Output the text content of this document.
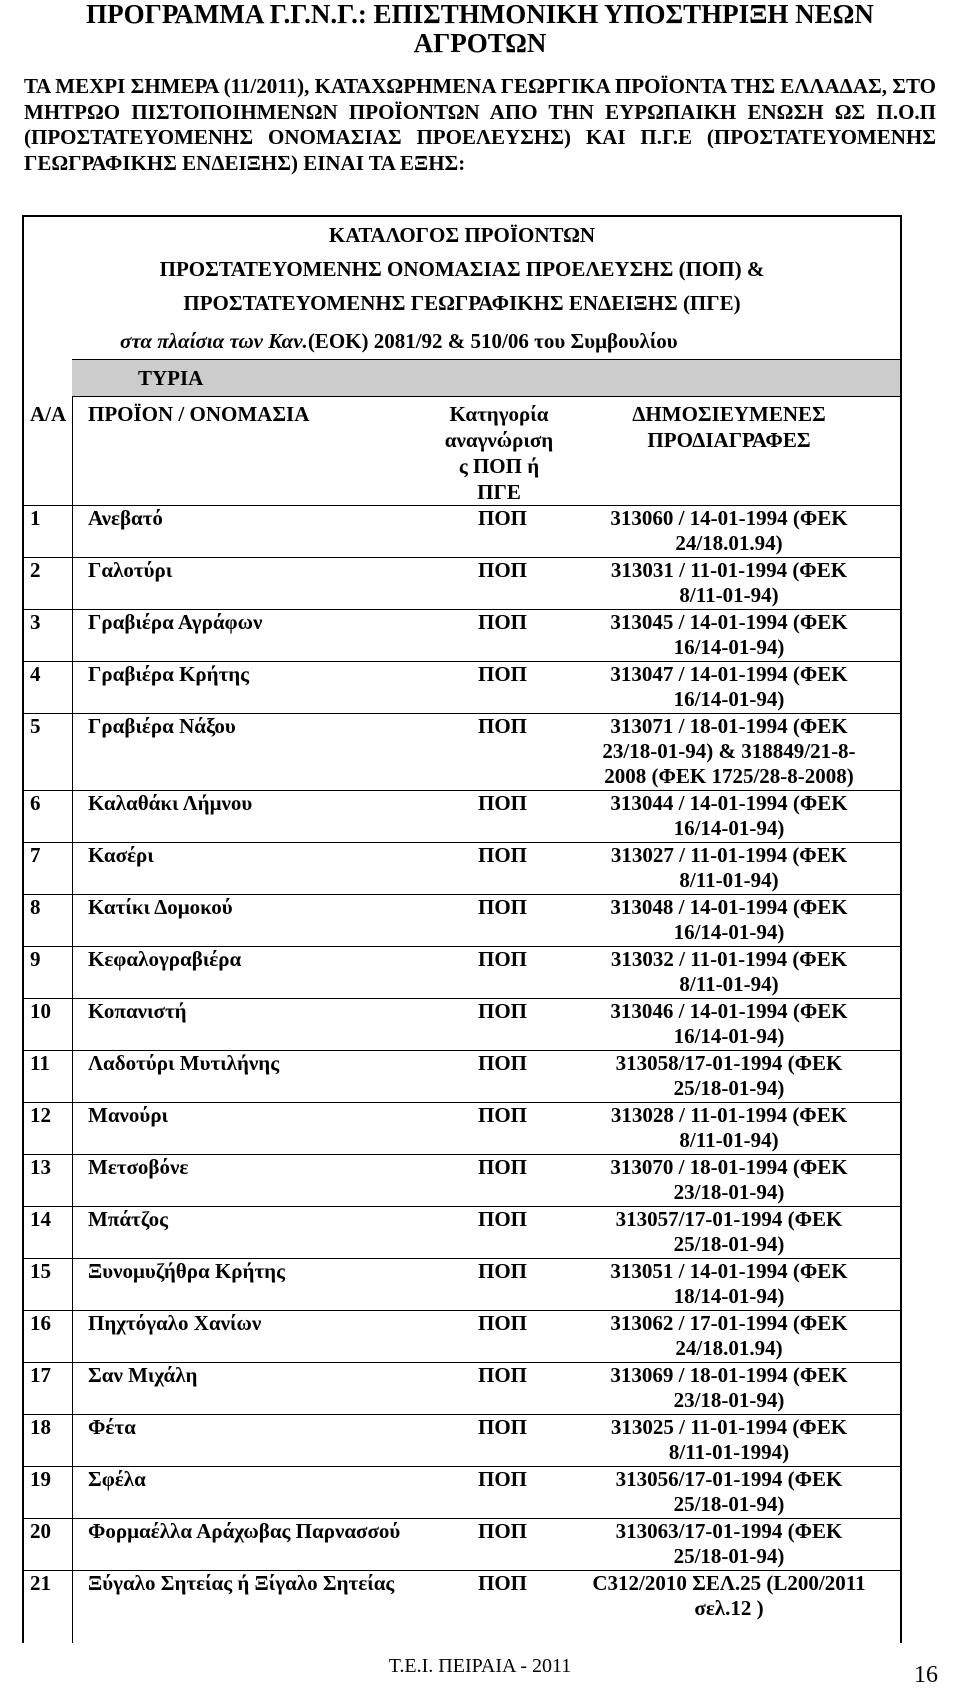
ΠΡΟΓΡΑΜΜΑ Γ.Γ.Ν.Γ.: ΕΠΙΣΤΗΜΟΝΙΚΗ ΥΠΟΣΤΗΡΙΞΗ ΝΕΩΝ
ΑΓΡΟΤΩΝ
ΤΑ ΜΕΧΡΙ ΣΗΜΕΡΑ (11/2011), ΚΑΤΑΧΩΡΗΜΕΝΑ ΓΕΩΡΓΙΚΑ ΠΡΟΪΟΝΤΑ ΤΗΣ ΕΛΛΑΔΑΣ, ΣΤΟ ΜΗΤΡΩΟ ΠΙΣΤΟΠΟΙΗΜΕΝΩΝ ΠΡΟΪΟΝΤΩΝ ΑΠΟ ΤΗΝ ΕΥΡΩΠΑΙΚΗ ΕΝΩΣΗ ΩΣ Π.Ο.Π (ΠΡΟΣΤΑΤΕΥΟΜΕΝΗΣ ΟΝΟΜΑΣΙΑΣ ΠΡΟΕΛΕΥΣΗΣ) ΚΑΙ Π.Γ.Ε (ΠΡΟΣΤΑΤΕΥΟΜΕΝΗΣ ΓΕΩΓΡΑΦΙΚΗΣ ΕΝΔΕΙΞΗΣ) ΕΙΝΑΙ ΤΑ ΕΞΗΣ:
ΚΑΤΑΛΟΓΟΣ ΠΡΟΪΟΝΤΩΝ
ΠΡΟΣΤΑΤΕΥΟΜΕΝΗΣ ΟΝΟΜΑΣΙΑΣ ΠΡΟΕΛΕΥΣΗΣ (ΠΟΠ) &
ΠΡΟΣΤΑΤΕΥΟΜΕΝΗΣ ΓΕΩΓΡΑΦΙΚΗΣ ΕΝΔΕΙΞΗΣ (ΠΓΕ)
στα πλαίσια των Καν.(ΕΟΚ) 2081/92 & 510/06 του Συμβουλίου
ΤΥΡΙΑ
Α/Α ΠΡΟΪΟΝ / ΟΝΟΜΑΣΙΑ	Κατηγορία
αναγνώριση
ς ΠΟΠ ή
ΠΓΕ
ΔΗΜΟΣΙΕΥΜΕΝΕΣ
ΠΡΟΔΙΑΓΡΑΦΕΣ
1 Ανεβατό	ΠΟΠ	313060 / 14-01-1994 (ΦΕΚ
24/18.01.94)
2 Γαλοτύρι	ΠΟΠ	313031 / 11-01-1994 (ΦΕΚ
8/11-01-94)
3 Γραβιέρα Αγράφων	ΠΟΠ	313045 / 14-01-1994 (ΦΕΚ
16/14-01-94)
4 Γραβιέρα Κρήτης	ΠΟΠ	313047 / 14-01-1994 (ΦΕΚ
16/14-01-94)
5 Γραβιέρα Νάξου	ΠΟΠ	313071 / 18-01-1994 (ΦΕΚ
23/18-01-94) & 318849/21-8-
2008 (ΦΕΚ 1725/28-8-2008)
6 Καλαθάκι Λήμνου	ΠΟΠ	313044 / 14-01-1994 (ΦΕΚ
16/14-01-94)
7 Κασέρι	ΠΟΠ	313027 / 11-01-1994 (ΦΕΚ
8/11-01-94)
8 Κατίκι Δομοκού	ΠΟΠ	313048 / 14-01-1994 (ΦΕΚ
16/14-01-94)
9 Κεφαλογραβιέρα	ΠΟΠ	313032 / 11-01-1994 (ΦΕΚ
8/11-01-94)
10 Κοπανιστή	ΠΟΠ	313046 / 14-01-1994 (ΦΕΚ
16/14-01-94)
11 Λαδοτύρι Μυτιλήνης	ΠΟΠ	313058/17-01-1994 (ΦΕΚ
25/18-01-94)
12 Μανούρι	ΠΟΠ	313028 / 11-01-1994 (ΦΕΚ
8/11-01-94)
13 Μετσοβόνε	ΠΟΠ	313070 / 18-01-1994 (ΦΕΚ
23/18-01-94)
14 Μπάτζος	ΠΟΠ	313057/17-01-1994 (ΦΕΚ
25/18-01-94)
15 Ξυνομυζήθρα Κρήτης	ΠΟΠ	313051 / 14-01-1994 (ΦΕΚ
18/14-01-94)
16 Πηχτόγαλο Χανίων	ΠΟΠ	313062 / 17-01-1994 (ΦΕΚ
24/18.01.94)
17 Σαν Μιχάλη	ΠΟΠ	313069 / 18-01-1994 (ΦΕΚ
23/18-01-94)
18 Φέτα	ΠΟΠ	313025 / 11-01-1994 (ΦΕΚ
8/11-01-1994)
19 Σφέλα	ΠΟΠ	313056/17-01-1994 (ΦΕΚ
25/18-01-94)
20 Φορμαέλλα Αράχωβας Παρνασσού	ΠΟΠ	313063/17-01-1994 (ΦΕΚ
25/18-01-94)
21 Ξύγαλο Σητείας ή Ξίγαλο Σητείας	ΠΟΠ	C312/2010 ΣΕΛ.25 (L200/2011
σελ.12 )
Τ.Ε.Ι. ΠΕΙΡΑΙΑ - 2011	16
